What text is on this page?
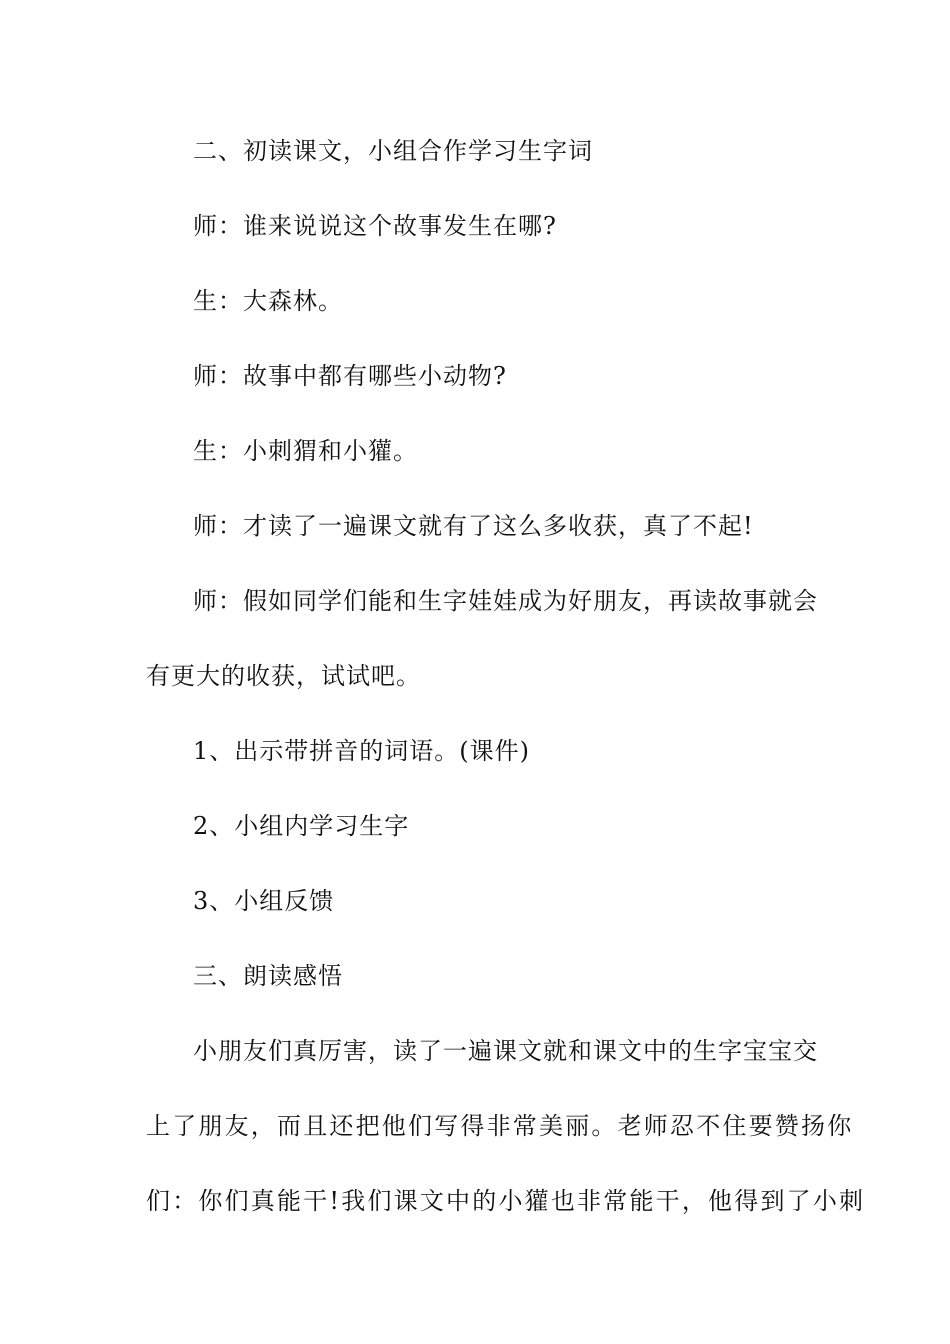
二、初读课文，小组合作学习生字词
师：谁来说说这个故事发生在哪?
生：大森林。
师：故事中都有哪些小动物?
生：小刺猬和小獾。
师：才读了一遍课文就有了这么多收获，真了不起!
师：假如同学们能和生字娃娃成为好朋友，再读故事就会
有更大的收获，试试吧。
1、出示带拼音的词语。(课件)
2、小组内学习生字
3、小组反馈
三、朗读感悟
小朋友们真厉害，读了一遍课文就和课文中的生字宝宝交
上了朋友，而且还把他们写得非常美丽。老师忍不住要赞扬你
们：你们真能干!我们课文中的小獾也非常能干，他得到了小刺
